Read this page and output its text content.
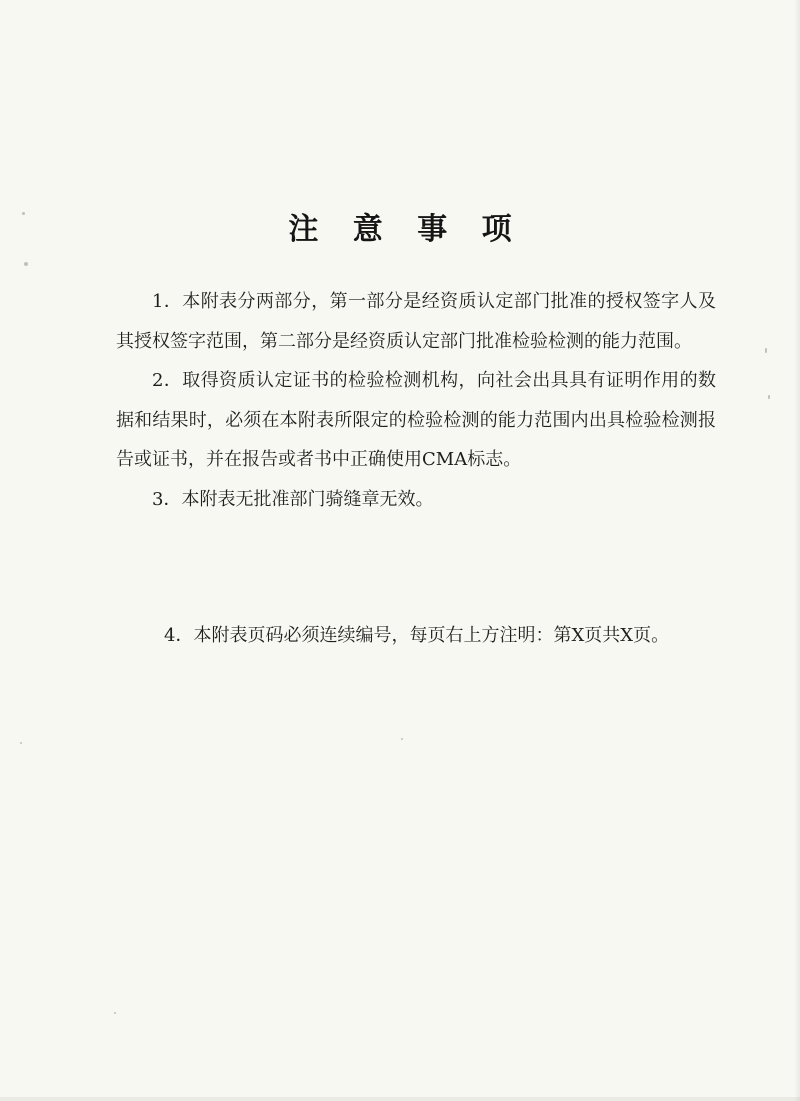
注 意 事 项

1．本附表分两部分，第一部分是经资质认定部门批准的授权签字人及其授权签字范围，第二部分是经资质认定部门批准检验检测的能力范围。

2．取得资质认定证书的检验检测机构，向社会出具具有证明作用的数据和结果时，必须在本附表所限定的检验检测的能力范围内出具检验检测报告或证书，并在报告或者书中正确使用CMA标志。

3．本附表无批准部门骑缝章无效。

4．本附表页码必须连续编号，每页右上方注明：第X页共X页。
